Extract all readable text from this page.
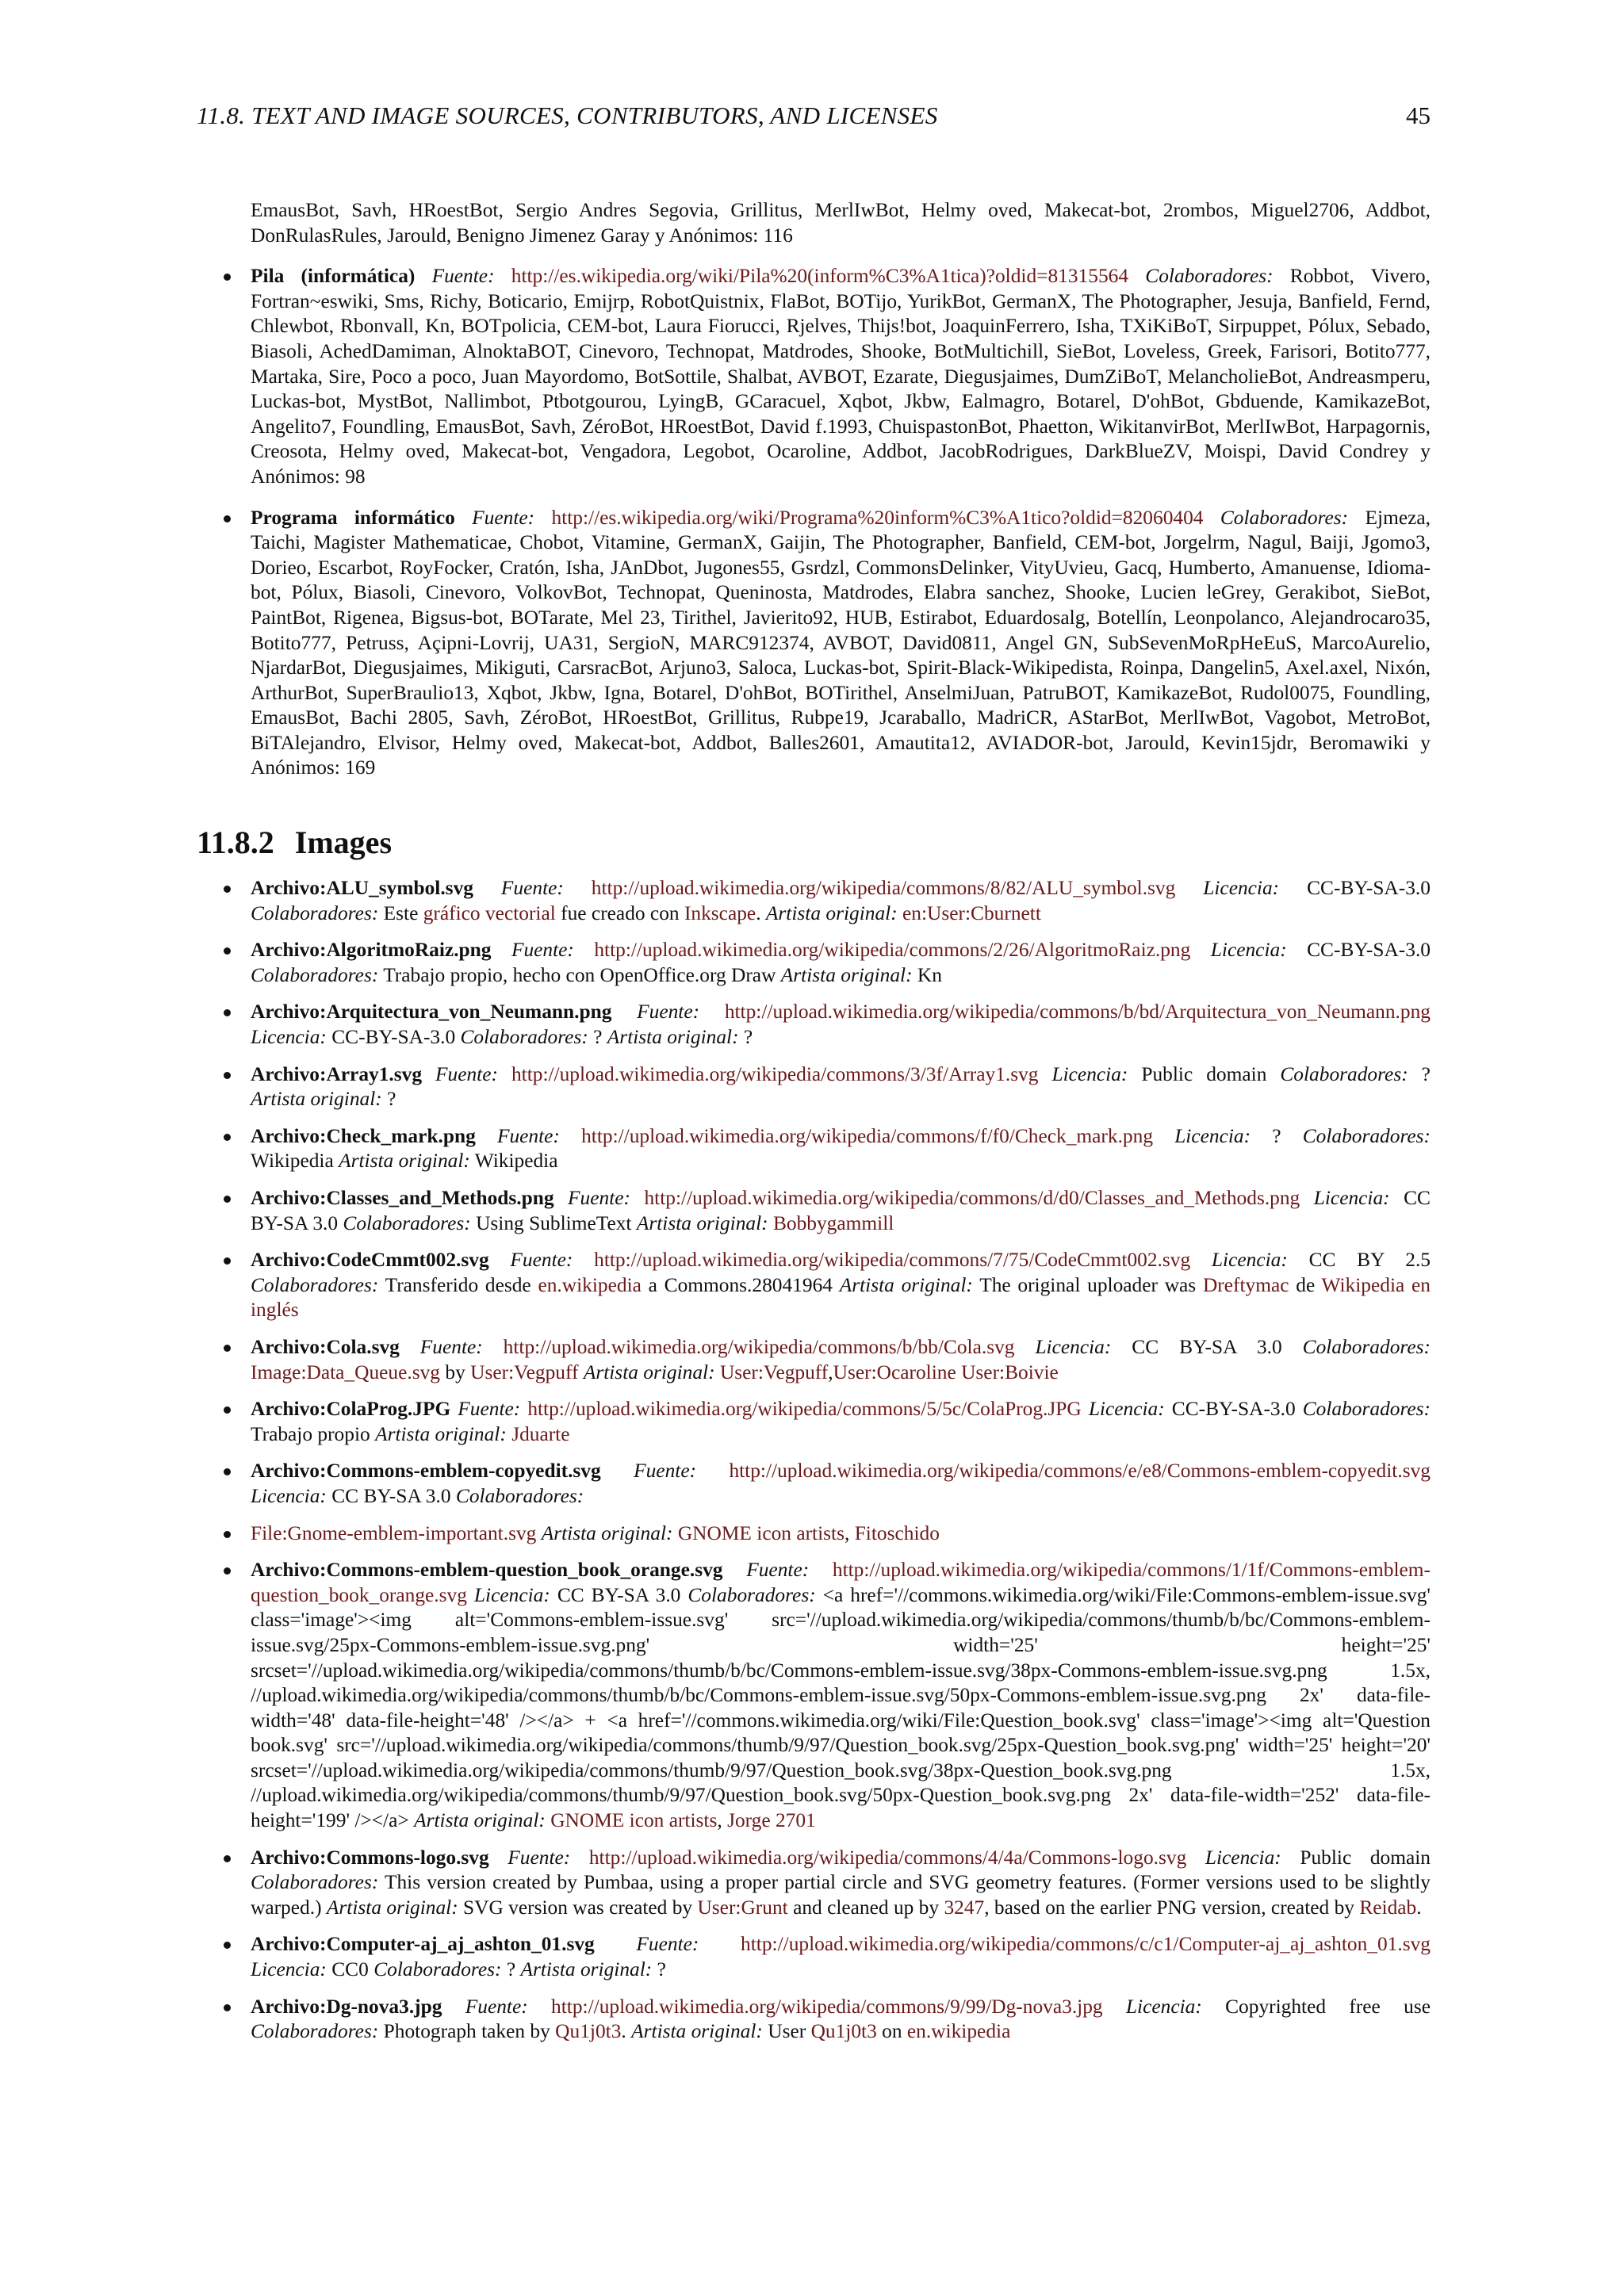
11.8. TEXT AND IMAGE SOURCES, CONTRIBUTORS, AND LICENSES	45
EmausBot, Savh, HRoestBot, Sergio Andres Segovia, Grillitus, MerlIwBot, Helmy oved, Makecat-bot, 2rombos, Miguel2706, Addbot, DonRulasRules, Jarould, Benigno Jimenez Garay y Anónimos: 116
Pila (informática) Fuente: http://es.wikipedia.org/wiki/Pila%20(inform%C3%A1tica)?oldid=81315564 Colaboradores: Robbot, Vivero, Fortran~eswiki, Sms, Richy, Boticario, Emijrp, RobotQuistnix, FlaBot, BOTijo, YurikBot, GermanX, The Photographer, Jesuja, Banfield, Fernd, Chlewbot, Rbonvall, Kn, BOTpolicia, CEM-bot, Laura Fiorucci, Rjelves, Thijs!bot, JoaquinFerrero, Isha, TXiKiBoT, Sirpuppet, Pólux, Sebado, Biasoli, AchedDamiman, AlnoktaBOT, Cinevoro, Technopat, Matdrodes, Shooke, BotMultichill, SieBot, Loveless, Greek, Farisori, Botito777, Martaka, Sire, Poco a poco, Juan Mayordomo, BotSottile, Shalbat, AVBOT, Ezarate, Diegusjaimes, DumZiBoT, MelancholieBot, Andreasmperu, Luckas-bot, MystBot, Nallimbot, Ptbotgourou, LyingB, GCaracuel, Xqbot, Jkbw, Ealmagro, Botarel, D'ohBot, Gbduende, KamikazeBot, Angelito7, Foundling, EmausBot, Savh, ZéroBot, HRoestBot, David f.1993, ChuispastonBot, Phaetton, WikitanvirBot, MerlIwBot, Harpagornis, Creosota, Helmy oved, Makecat-bot, Vengadora, Legobot, Ocaroline, Addbot, JacobRodrigues, DarkBlueZV, Moispi, David Condrey y Anónimos: 98
Programa informático Fuente: http://es.wikipedia.org/wiki/Programa%20inform%C3%A1tico?oldid=82060404 Colaboradores: Ejmeza, Taichi, Magister Mathematicae, Chobot, Vitamine, GermanX, Gaijin, The Photographer, Banfield, CEM-bot, Jorgelrm, Nagul, Baiji, Jgomo3, Dorieo, Escarbot, RoyFocker, Cratón, Isha, JAnDbot, Jugones55, Gsrdzl, CommonsDelinker, VityUvieu, Gacq, Humberto, Amanuense, Idioma-bot, Pólux, Biasoli, Cinevoro, VolkovBot, Technopat, Queninosta, Matdrodes, Elabra sanchez, Shooke, Lucien leGrey, Gerakibot, SieBot, PaintBot, Rigenea, Bigsus-bot, BOTarate, Mel 23, Tirithel, Javierito92, HUB, Estirabot, Eduardosalg, Botellín, Leonpolanco, Alejandrocaro35, Botito777, Petruss, Açipni-Lovrij, UA31, SergioN, MARC912374, AVBOT, David0811, Angel GN, SubSevenMoRpHeEuS, MarcoAurelio, NjardarBot, Diegusjaimes, Mikiguti, CarsracBot, Arjuno3, Saloca, Luckas-bot, Spirit-Black-Wikipedista, Roinpa, Dangelin5, Axel.axel, Nixón, ArthurBot, SuperBraulio13, Xqbot, Jkbw, Igna, Botarel, D'ohBot, BOTirithel, AnselmiJuan, PatruBOT, KamikazeBot, Rudol0075, Foundling, EmausBot, Bachi 2805, Savh, ZéroBot, HRoestBot, Grillitus, Rubpe19, Jcaraballo, MadriCR, AStarBot, MerlIwBot, Vagobot, MetroBot, BiTAlejandro, Elvisor, Helmy oved, Makecat-bot, Addbot, Balles2601, Amautita12, AVIADOR-bot, Jarould, Kevin15jdr, Beromawiki y Anónimos: 169
11.8.2 Images
Archivo:ALU_symbol.svg Fuente: http://upload.wikimedia.org/wikipedia/commons/8/82/ALU_symbol.svg Licencia: CC-BY-SA-3.0 Colaboradores: Este gráfico vectorial fue creado con Inkscape. Artista original: en:User:Cburnett
Archivo:AlgoritmoRaiz.png Fuente: http://upload.wikimedia.org/wikipedia/commons/2/26/AlgoritmoRaiz.png Licencia: CC-BY-SA-3.0 Colaboradores: Trabajo propio, hecho con OpenOffice.org Draw Artista original: Kn
Archivo:Arquitectura_von_Neumann.png Fuente: http://upload.wikimedia.org/wikipedia/commons/b/bd/Arquitectura_von_Neumann.png Licencia: CC-BY-SA-3.0 Colaboradores: ? Artista original: ?
Archivo:Array1.svg Fuente: http://upload.wikimedia.org/wikipedia/commons/3/3f/Array1.svg Licencia: Public domain Colaboradores: ? Artista original: ?
Archivo:Check_mark.png Fuente: http://upload.wikimedia.org/wikipedia/commons/f/f0/Check_mark.png Licencia: ? Colaboradores: Wikipedia Artista original: Wikipedia
Archivo:Classes_and_Methods.png Fuente: http://upload.wikimedia.org/wikipedia/commons/d/d0/Classes_and_Methods.png Licencia: CC BY-SA 3.0 Colaboradores: Using SublimeText Artista original: Bobbygammill
Archivo:CodeCmmt002.svg Fuente: http://upload.wikimedia.org/wikipedia/commons/7/75/CodeCmmt002.svg Licencia: CC BY 2.5 Colaboradores: Transferido desde en.wikipedia a Commons.28041964 Artista original: The original uploader was Dreftymac de Wikipedia en inglés
Archivo:Cola.svg Fuente: http://upload.wikimedia.org/wikipedia/commons/b/bb/Cola.svg Licencia: CC BY-SA 3.0 Colaboradores: Image:Data_Queue.svg by User:Vegpuff Artista original: User:Vegpuff,User:Ocaroline User:Boivie
Archivo:ColaProg.JPG Fuente: http://upload.wikimedia.org/wikipedia/commons/5/5c/ColaProg.JPG Licencia: CC-BY-SA-3.0 Colaboradores: Trabajo propio Artista original: Jduarte
Archivo:Commons-emblem-copyedit.svg Fuente: http://upload.wikimedia.org/wikipedia/commons/e/e8/Commons-emblem-copyedit.svg Licencia: CC BY-SA 3.0 Colaboradores:
File:Gnome-emblem-important.svg Artista original: GNOME icon artists, Fitoschido
Archivo:Commons-emblem-question_book_orange.svg Fuente: http://upload.wikimedia.org/wikipedia/commons/1/1f/Commons-emblem-question_book_orange.svg Licencia: CC BY-SA 3.0 Colaboradores: <a href='//commons.wikimedia.org/wiki/File:Commons-emblem-issue.svg' class='image'><img alt='Commons-emblem-issue.svg' src='//upload.wikimedia.org/wikipedia/commons/thumb/b/bc/Commons-emblem-issue.svg/25px-Commons-emblem-issue.svg.png' width='25' height='25' srcset='//upload.wikimedia.org/wikipedia/commons/thumb/b/bc/Commons-emblem-issue.svg/38px-Commons-emblem-issue.svg.png 1.5x, //upload.wikimedia.org/wikipedia/commons/thumb/b/bc/Commons-emblem-issue.svg/50px-Commons-emblem-issue.svg.png 2x' data-file-width='48' data-file-height='48' /></a> + <a href='//commons.wikimedia.org/wiki/File:Question_book.svg' class='image'><img alt='Question book.svg' src='//upload.wikimedia.org/wikipedia/commons/thumb/9/97/Question_book.svg/25px-Question_book.svg.png' width='25' height='20' srcset='//upload.wikimedia.org/wikipedia/commons/thumb/9/97/Question_book.svg/38px-Question_book.svg.png 1.5x, //upload.wikimedia.org/wikipedia/commons/thumb/9/97/Question_book.svg/50px-Question_book.svg.png 2x' data-file-width='252' data-file-height='199' /></a> Artista original: GNOME icon artists, Jorge 2701
Archivo:Commons-logo.svg Fuente: http://upload.wikimedia.org/wikipedia/commons/4/4a/Commons-logo.svg Licencia: Public domain Colaboradores: This version created by Pumbaa, using a proper partial circle and SVG geometry features. (Former versions used to be slightly warped.) Artista original: SVG version was created by User:Grunt and cleaned up by 3247, based on the earlier PNG version, created by Reidab.
Archivo:Computer-aj_aj_ashton_01.svg Fuente: http://upload.wikimedia.org/wikipedia/commons/c/c1/Computer-aj_aj_ashton_01.svg Licencia: CC0 Colaboradores: ? Artista original: ?
Archivo:Dg-nova3.jpg Fuente: http://upload.wikimedia.org/wikipedia/commons/9/99/Dg-nova3.jpg Licencia: Copyrighted free use Colaboradores: Photograph taken by Qu1j0t3. Artista original: User Qu1j0t3 on en.wikipedia
